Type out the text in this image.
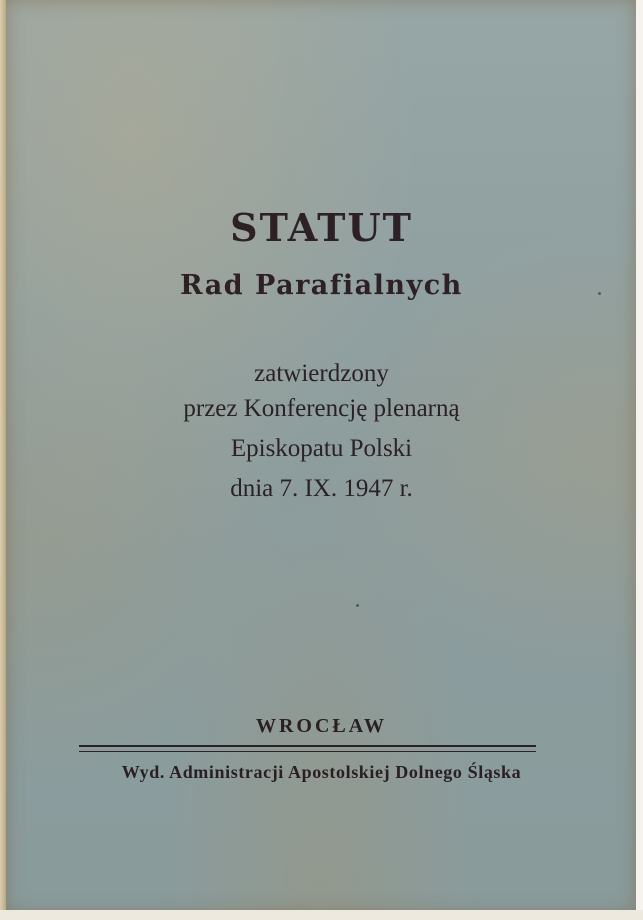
STATUT
Rad Parafialnych
zatwierdzony
przez Konferencję plenarną
Episkopatu Polski
dnia 7. IX. 1947 r.
WROCŁAW
Wyd. Administracji Apostolskiej Dolnego Śląska
